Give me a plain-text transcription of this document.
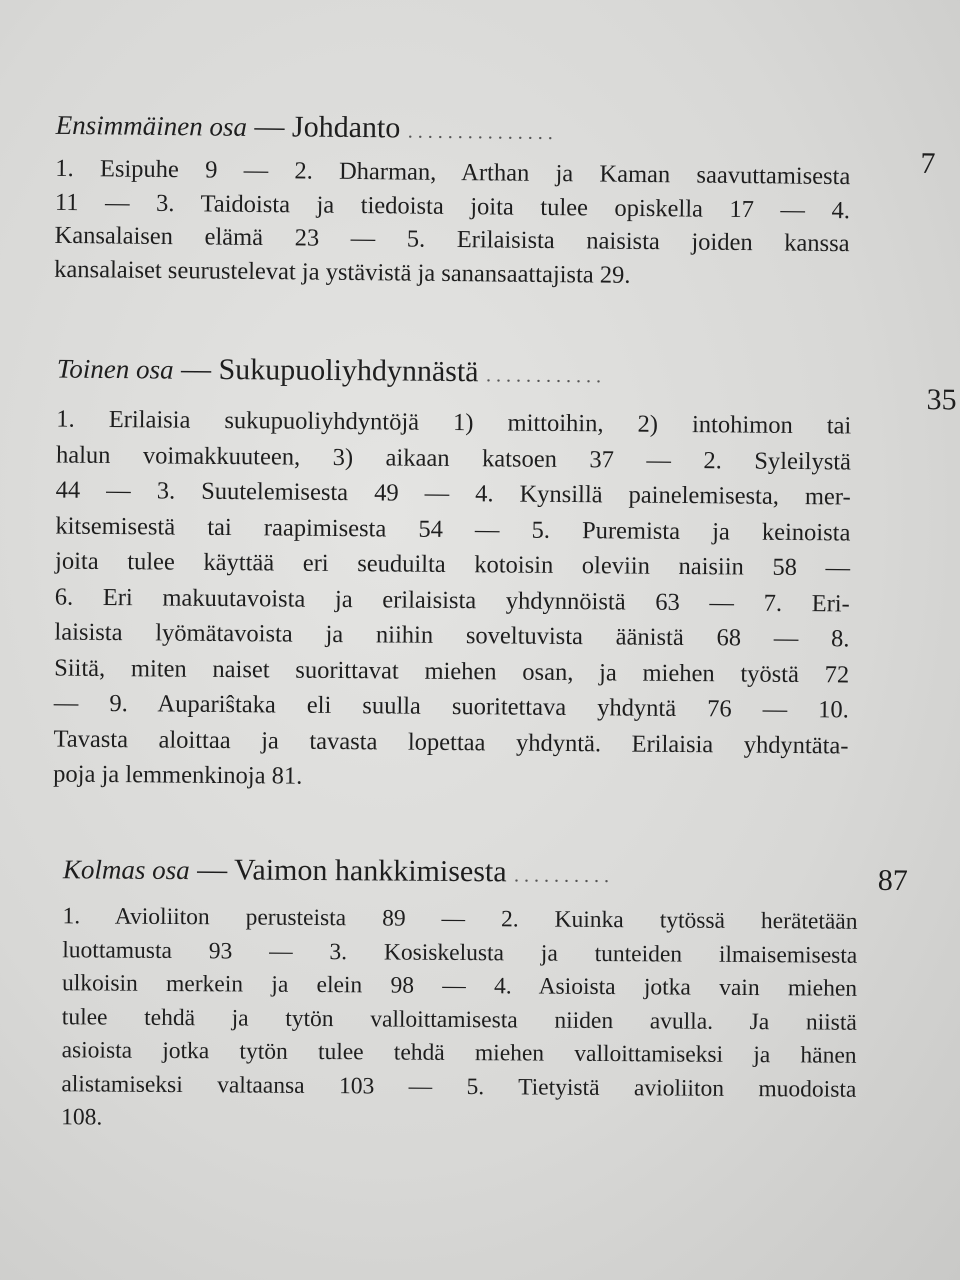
Ensimmäinen osa — Johdanto ...............
7
1. Esipuhe 9 — 2. Dharman, Arthan ja Kaman saavuttamisesta
11 — 3. Taidoista ja tiedoista joita tulee opiskella 17 — 4.
Kansalaisen elämä 23 — 5. Erilaisista naisista joiden kanssa
kansalaiset seurustelevat ja ystävistä ja sanansaattajista 29.
Toinen osa — Sukupuoliyhdynnästä ............
35
1. Erilaisia sukupuoliyhdyntöjä 1) mittoihin, 2) intohimon tai
halun voimakkuuteen, 3) aikaan katsoen 37 — 2. Syleilystä
44 — 3. Suutelemisesta 49 — 4. Kynsillä painelemisesta, mer-
kitsemisestä tai raapimisesta 54 — 5. Puremista ja keinoista
joita tulee käyttää eri seuduilta kotoisin oleviin naisiin 58 —
6. Eri makuutavoista ja erilaisista yhdynnöistä 63 — 7. Eri-
laisista lyömätavoista ja niihin soveltuvista äänistä 68 — 8.
Siitä, miten naiset suorittavat miehen osan, ja miehen työstä 72
— 9. Aupariŝtaka eli suulla suoritettava yhdyntä 76 — 10.
Tavasta aloittaa ja tavasta lopettaa yhdyntä. Erilaisia yhdyntäta-
poja ja lemmenkinoja 81.
Kolmas osa — Vaimon hankkimisesta ..........	87
1. Avioliiton perusteista 89 — 2. Kuinka tytössä herätetään
luottamusta 93 — 3. Kosiskelusta ja tunteiden ilmaisemisesta
ulkoisin merkein ja elein 98 — 4. Asioista jotka vain miehen
tulee tehdä ja tytön valloittamisesta niiden avulla. Ja niistä
asioista jotka tytön tulee tehdä miehen valloittamiseksi ja hänen
alistamiseksi valtaansa 103 — 5. Tietyistä avioliiton muodoista
108.
